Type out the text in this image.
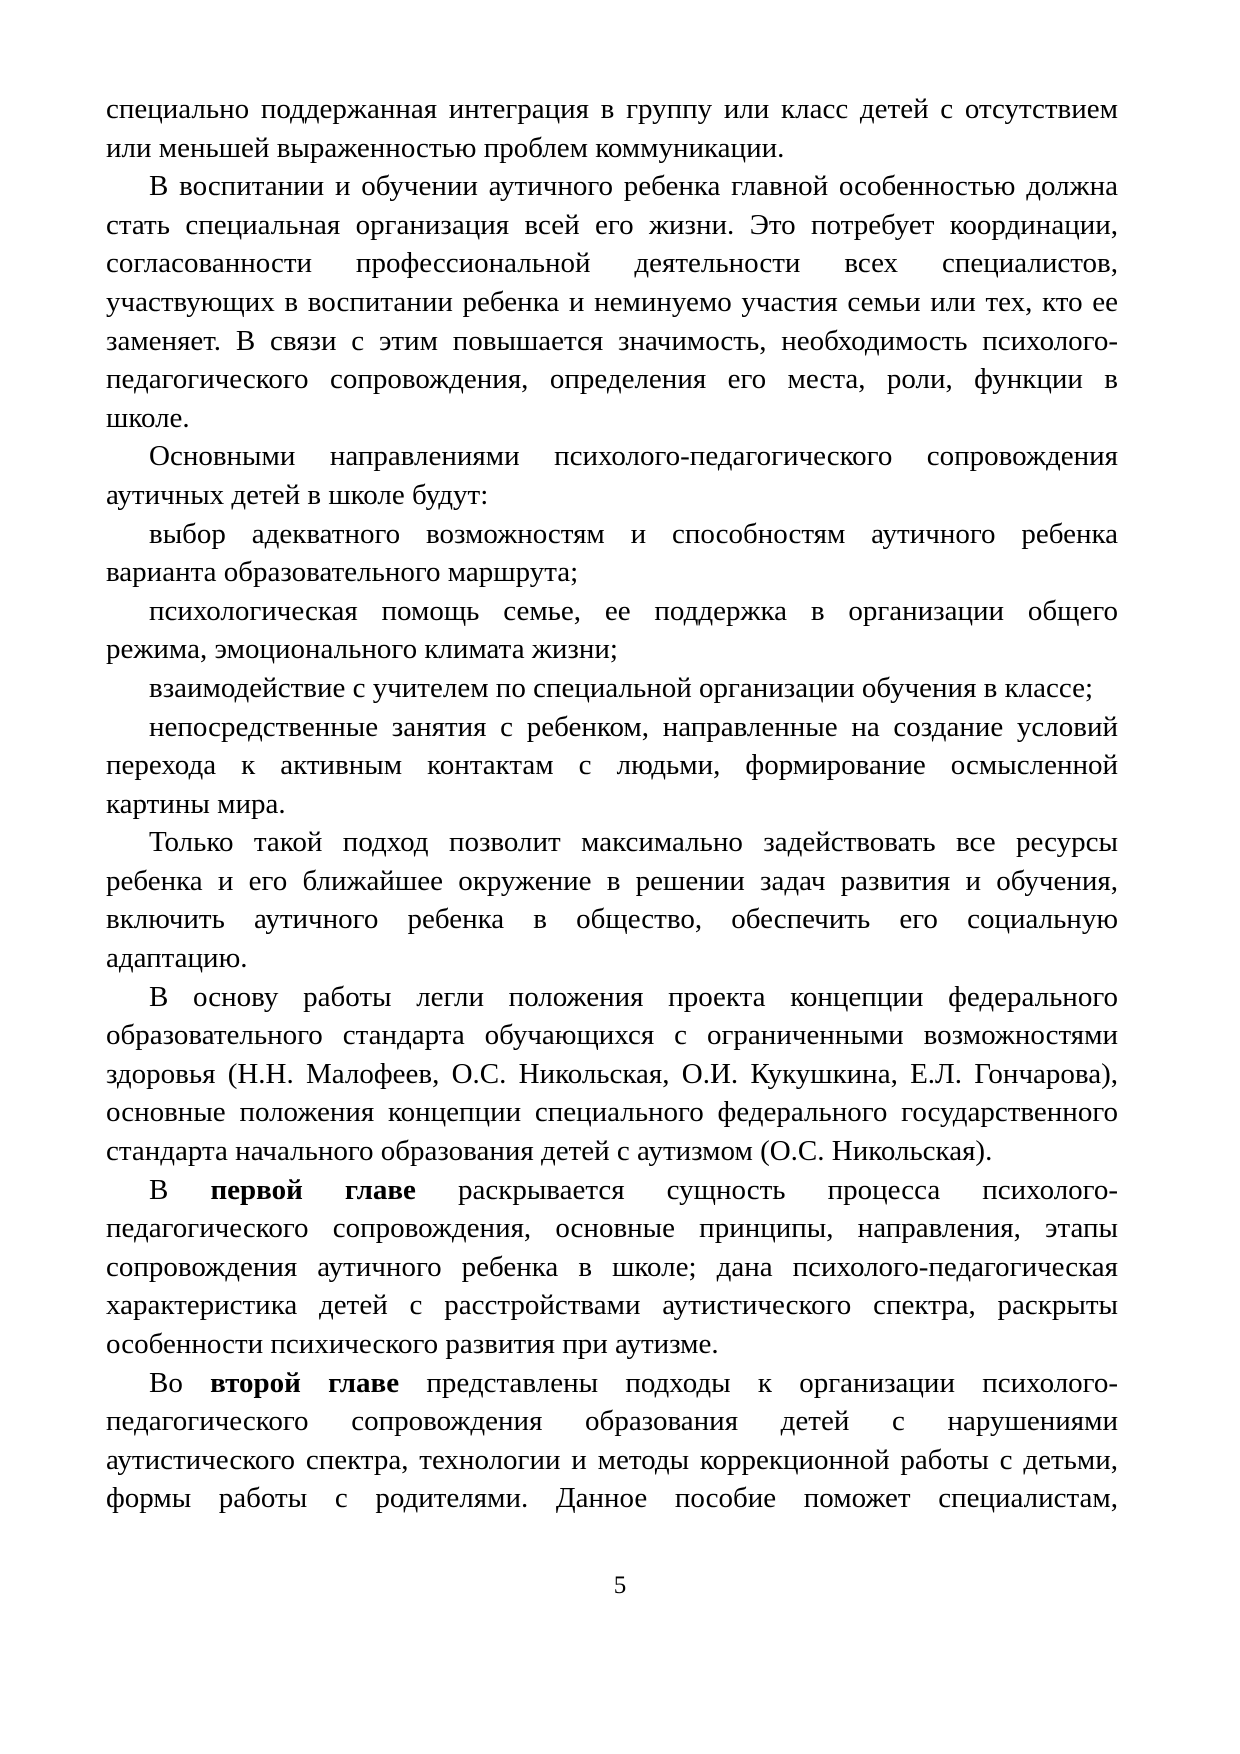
специально поддержанная интеграция в группу или класс детей с отсутствием
или меньшей выраженностью проблем коммуникации.
В воспитании и обучении аутичного ребенка главной особенностью должна
стать специальная организация всей его жизни. Это потребует координации,
согласованности профессиональной деятельности всех специалистов,
участвующих в воспитании ребенка и неминуемо участия семьи или тех, кто ее
заменяет. В связи с этим повышается значимость, необходимость психолого-
педагогического сопровождения, определения его места, роли, функции в
школе.
Основными направлениями психолого-педагогического сопровождения
аутичных детей в школе будут:
выбор адекватного возможностям и способностям аутичного ребенка
варианта образовательного маршрута;
психологическая помощь семье, ее поддержка в организации общего
режима, эмоционального климата жизни;
взаимодействие с учителем по специальной организации обучения в классе;
непосредственные занятия с ребенком, направленные на создание условий
перехода к активным контактам с людьми, формирование осмысленной
картины мира.
Только такой подход позволит максимально задействовать все ресурсы
ребенка и его ближайшее окружение в решении задач развития и обучения,
включить аутичного ребенка в общество, обеспечить его социальную
адаптацию.
В основу работы легли положения проекта концепции федерального
образовательного стандарта обучающихся с ограниченными возможностями
здоровья (Н.Н. Малофеев, О.С. Никольская, О.И. Кукушкина, Е.Л. Гончарова),
основные положения концепции специального федерального государственного
стандарта начального образования детей с аутизмом (О.С. Никольская).
В первой главе раскрывается сущность процесса психолого-
педагогического сопровождения, основные принципы, направления, этапы
сопровождения аутичного ребенка в школе; дана психолого-педагогическая
характеристика детей с расстройствами аутистического спектра, раскрыты
особенности психического развития при аутизме.
Во второй главе представлены подходы к организации психолого-
педагогического сопровождения образования детей с нарушениями
аутистического спектра, технологии и методы коррекционной работы с детьми,
формы работы с родителями. Данное пособие поможет специалистам,
5
